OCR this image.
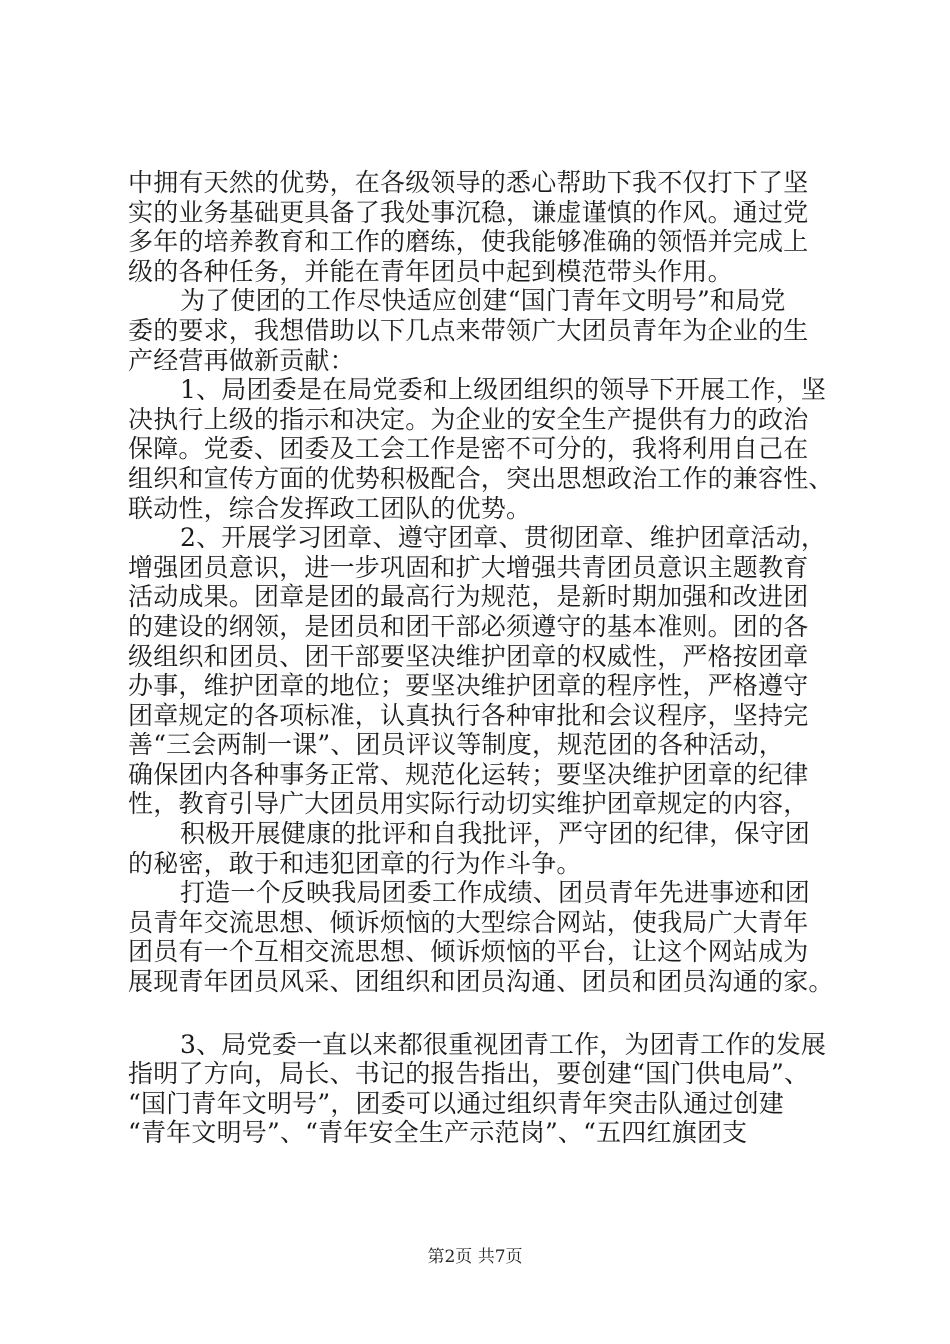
中拥有天然的优势，在各级领导的悉心帮助下我不仅打下了坚
实的业务基础更具备了我处事沉稳，谦虚谨慎的作风。通过党
多年的培养教育和工作的磨练，使我能够准确的领悟并完成上
级的各种任务，并能在青年团员中起到模范带头作用。
为了使团的工作尽快适应创建“国门青年文明号”和局党
委的要求，我想借助以下几点来带领广大团员青年为企业的生
产经营再做新贡献：
1、局团委是在局党委和上级团组织的领导下开展工作，坚
决执行上级的指示和决定。为企业的安全生产提供有力的政治
保障。党委、团委及工会工作是密不可分的，我将利用自己在
组织和宣传方面的优势积极配合，突出思想政治工作的兼容性、
联动性，综合发挥政工团队的优势。
2、开展学习团章、遵守团章、贯彻团章、维护团章活动，
增强团员意识，进一步巩固和扩大增强共青团员意识主题教育
活动成果。团章是团的最高行为规范，是新时期加强和改进团
的建设的纲领，是团员和团干部必须遵守的基本准则。团的各
级组织和团员、团干部要坚决维护团章的权威性，严格按团章
办事，维护团章的地位；要坚决维护团章的程序性，严格遵守
团章规定的各项标准，认真执行各种审批和会议程序，坚持完
善“三会两制一课”、团员评议等制度，规范团的各种活动，
确保团内各种事务正常、规范化运转；要坚决维护团章的纪律
性，教育引导广大团员用实际行动切实维护团章规定的内容，
积极开展健康的批评和自我批评，严守团的纪律，保守团
的秘密，敢于和违犯团章的行为作斗争。
打造一个反映我局团委工作成绩、团员青年先进事迹和团
员青年交流思想、倾诉烦恼的大型综合网站，使我局广大青年
团员有一个互相交流思想、倾诉烦恼的平台，让这个网站成为
展现青年团员风采、团组织和团员沟通、团员和团员沟通的家。
3、局党委一直以来都很重视团青工作，为团青工作的发展
指明了方向，局长、书记的报告指出，要创建“国门供电局”、
“国门青年文明号”，团委可以通过组织青年突击队通过创建
“青年文明号”、“青年安全生产示范岗”、“五四红旗团支
第2页 共7页
